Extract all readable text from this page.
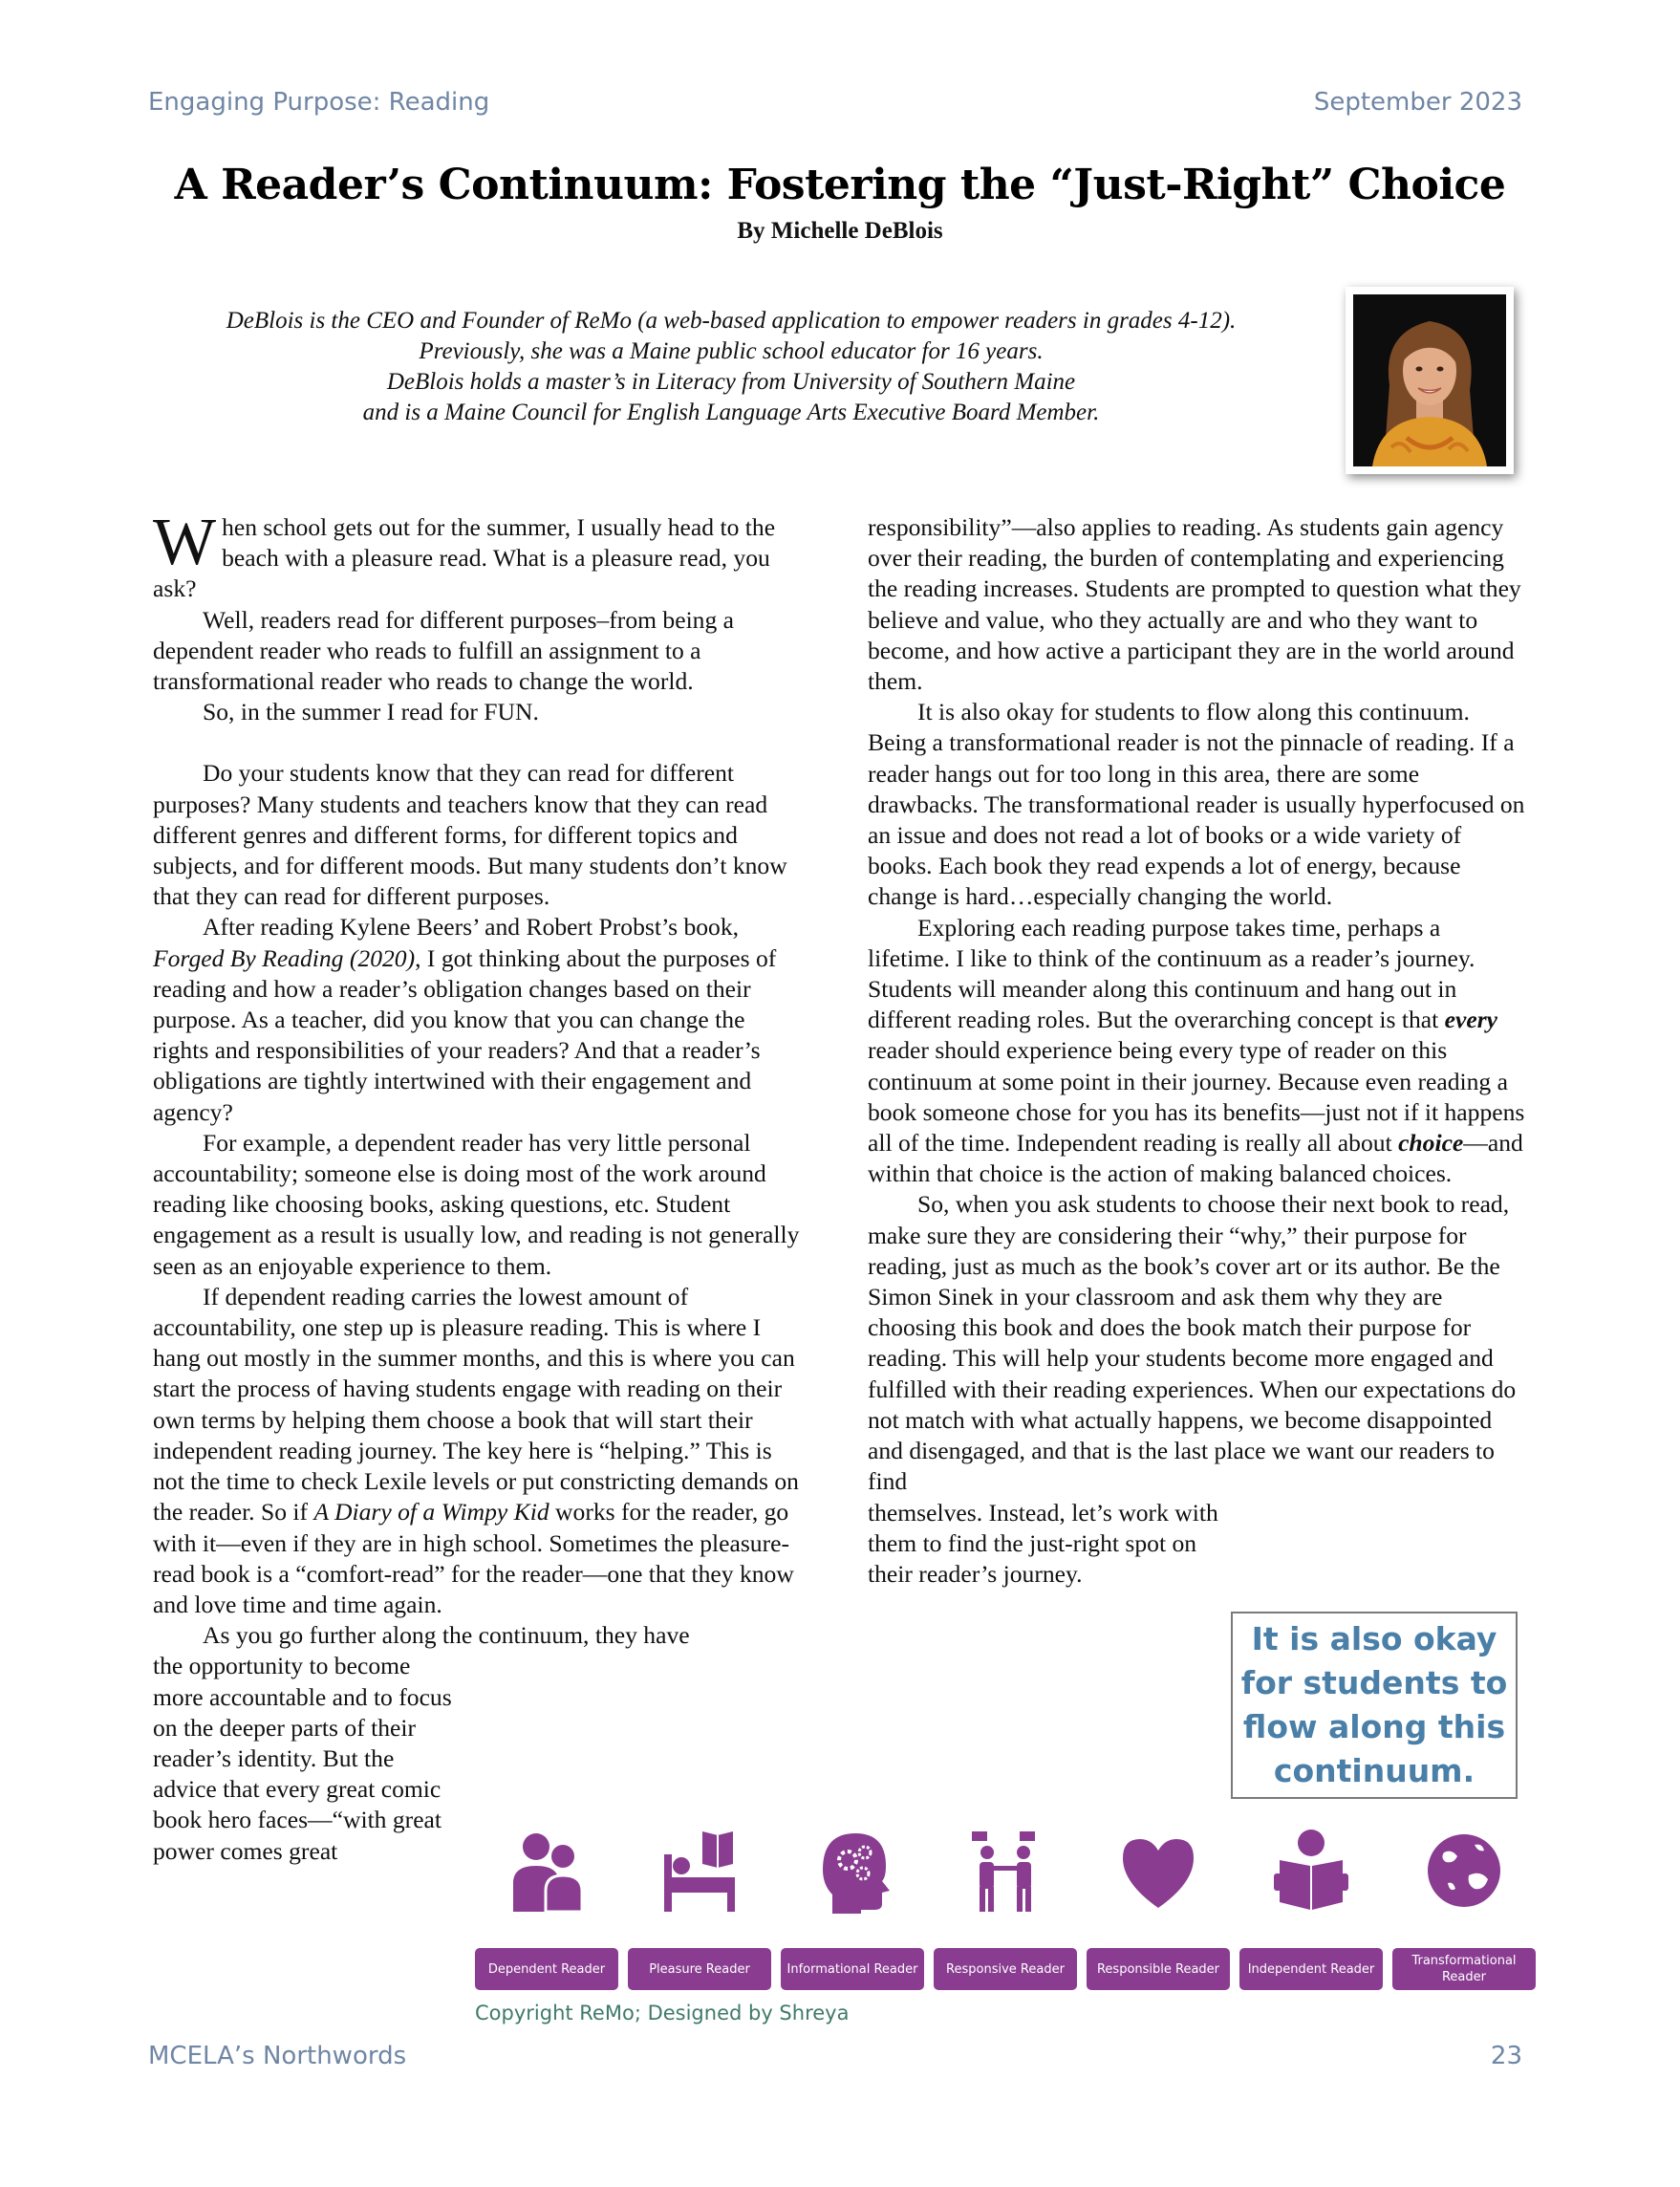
Engaging Purpose: Reading	September 2023
A Reader’s Continuum: Fostering the “Just-Right” Choice
By Michelle DeBlois
DeBlois is the CEO and Founder of ReMo (a web-based application to empower readers in grades 4-12).
Previously, she was a Maine public school educator for 16 years.
DeBlois holds a master’s in Literacy from University of Southern Maine
and is a Maine Council for English Language Arts Executive Board Member.

When school gets out for the summer, I usually head to the beach with a pleasure read. What is a pleasure read, you ask?

Well, readers read for different purposes–from being a dependent reader who reads to fulfill an assignment to a transformational reader who reads to change the world.

So, in the summer I read for FUN.

Do your students know that they can read for different purposes? Many students and teachers know that they can read different genres and different forms, for different topics and subjects, and for different moods. But many students don’t know that they can read for different purposes.

After reading Kylene Beers’ and Robert Probst’s book, Forged By Reading (2020), I got thinking about the purposes of reading and how a reader’s obligation changes based on their purpose. As a teacher, did you know that you can change the rights and responsibilities of your readers? And that a reader’s obligations are tightly intertwined with their engagement and agency?

For example, a dependent reader has very little personal accountability; someone else is doing most of the work around reading like choosing books, asking questions, etc. Student engagement as a result is usually low, and reading is not generally seen as an enjoyable experience to them.

If dependent reading carries the lowest amount of accountability, one step up is pleasure reading. This is where I hang out mostly in the summer months, and this is where you can start the process of having students engage with reading on their own terms by helping them choose a book that will start their independent reading journey. The key here is “helping.” This is not the time to check Lexile levels or put constricting demands on the reader. So if A Diary of a Wimpy Kid works for the reader, go with it—even if they are in high school. Sometimes the pleasure-read book is a “comfort-read” for the reader—one that they know and love time and time again.

As you go further along the continuum, they have

the opportunity to become more accountable and to focus on the deeper parts of their reader’s identity. But the advice that every great comic book hero faces—“with great power comes great

responsibility”—also applies to reading. As students gain agency over their reading, the burden of contemplating and experiencing the reading increases. Students are prompted to question what they believe and value, who they actually are and who they want to become, and how active a participant they are in the world around them.

It is also okay for students to flow along this continuum. Being a transformational reader is not the pinnacle of reading. If a reader hangs out for too long in this area, there are some drawbacks. The transformational reader is usually hyperfocused on an issue and does not read a lot of books or a wide variety of books. Each book they read expends a lot of energy, because change is hard…especially changing the world.

Exploring each reading purpose takes time, perhaps a lifetime. I like to think of the continuum as a reader’s journey. Students will meander along this continuum and hang out in different reading roles. But the overarching concept is that every reader should experience being every type of reader on this continuum at some point in their journey. Because even reading a book someone chose for you has its benefits—just not if it happens all of the time. Independent reading is really all about choice—and within that choice is the action of making balanced choices.

So, when you ask students to choose their next book to read, make sure they are considering their “why,” their purpose for reading, just as much as the book’s cover art or its author. Be the Simon Sinek in your classroom and ask them why they are choosing this book and does the book match their purpose for reading. This will help your students become more engaged and fulfilled with their reading experiences. When our expectations do not match with what actually happens, we become disappointed and disengaged, and that is the last place we want our readers to find

themselves. Instead, let’s work with them to find the just-right spot on their reader’s journey.

It is also okay for students to flow along this continuum.
Dependent Reader	Pleasure Reader	Informational Reader	Responsive Reader	Responsible Reader	Independent Reader
Transformational Reader
Copyright ReMo; Designed by Shreya
MCELA’s Northwords	23
